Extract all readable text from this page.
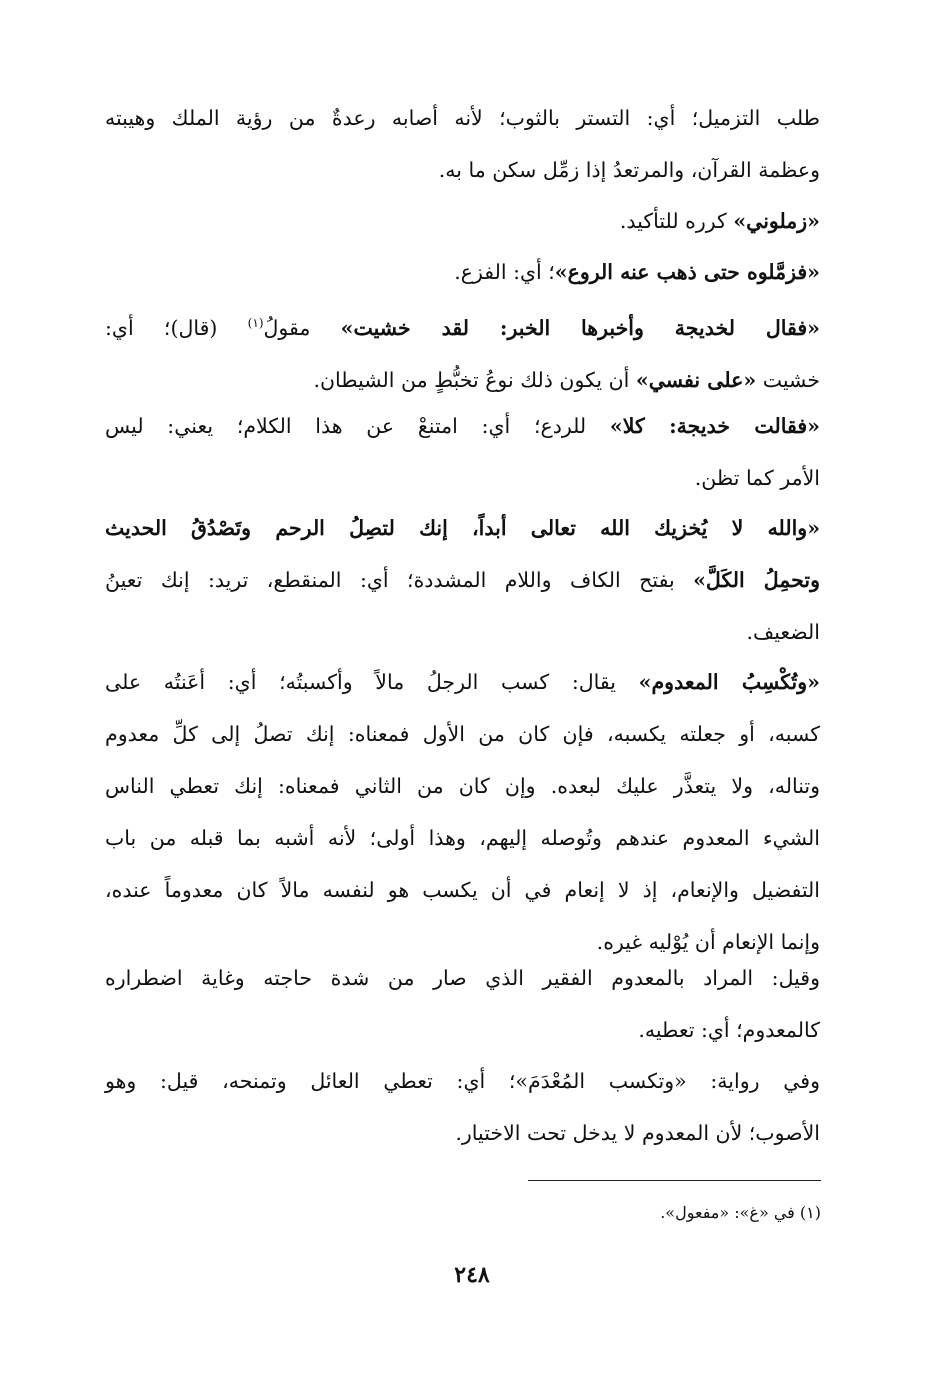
طلب التزميل؛ أي: التستر بالثوب؛ لأنه أصابه رعدةٌ من رؤية الملك وهيبته
وعظمة القرآن، والمرتعدُ إذا زمِّل سكن ما به.
«زملوني» كرره للتأكيد.
«فزمَّلوه حتى ذهب عنه الروع»؛ أي: الفزع.
«فقال لخديجة وأخبرها الخبر: لقد خشيت» مقولُ$^{(١)}$ (قال)؛ أي:
خشيت «على نفسي» أن يكون ذلك نوعُ تخبُّطٍ من الشيطان.
«فقالت خديجة: كلا» للردع؛ أي: امتنعْ عن هذا الكلام؛ يعني: ليس
الأمر كما تظن.
«والله لا يُخزيك الله تعالى أبداً، إنك لتصِلُ الرحم وتَصْدُقُ الحديث
وتحمِلُ الكَلَّ» بفتح الكاف واللام المشددة؛ أي: المنقطع، تريد: إنك تعينُ
الضعيف.
«وتُكْسِبُ المعدوم» يقال: كسب الرجلُ مالاً وأكسبتُه؛ أي: أعَنتُه على
كسبه، أو جعلته يكسبه، فإن كان من الأول فمعناه: إنك تصلُ إلى كلِّ معدوم
وتناله، ولا يتعذَّر عليك لبعده. وإن كان من الثاني فمعناه: إنك تعطي الناس
الشيء المعدوم عندهم وتُوصله إليهم، وهذا أولى؛ لأنه أشبه بما قبله من باب
التفضيل والإنعام، إذ لا إنعام في أن يكسب هو لنفسه مالاً كان معدوماً عنده،
وإنما الإنعام أن يُوْليه غيره.
وقيل: المراد بالمعدوم الفقير الذي صار من شدة حاجته وغاية اضطراره
كالمعدوم؛ أي: تعطيه.
وفي رواية: «وتكسب المُعْدَمَ»؛ أي: تعطي العائل وتمنحه، قيل: وهو
الأصوب؛ لأن المعدوم لا يدخل تحت الاختيار.
(١) في «غ»: «مفعول».
٢٤٨
